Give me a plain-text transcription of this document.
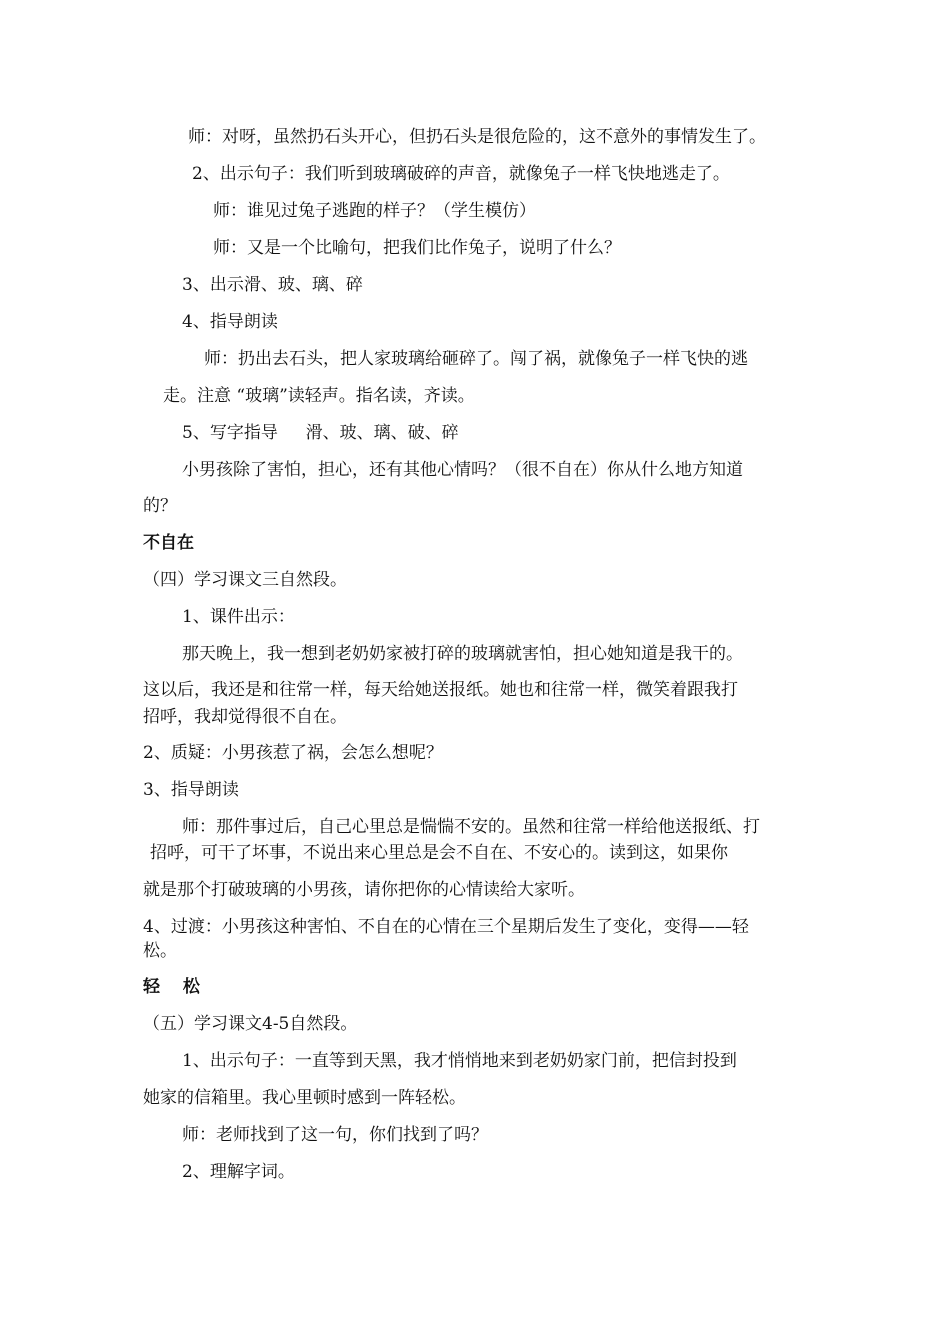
师：对呀，虽然扔石头开心，但扔石头是很危险的，这不意外的事情发生了。
2、出示句子：我们听到玻璃破碎的声音，就像兔子一样飞快地逃走了。
师：谁见过兔子逃跑的样子？（学生模仿）
师：又是一个比喻句，把我们比作兔子，说明了什么？
3、出示滑、玻、璃、碎
4、指导朗读
师：扔出去石头，把人家玻璃给砸碎了。闯了祸，就像兔子一样飞快的逃
走。注意 “玻璃”读轻声。指名读，齐读。
5、写字指导 　 滑、玻、璃、破、碎
小男孩除了害怕，担心，还有其他心情吗？（很不自在）你从什么地方知道
的？
不自在
（四）学习课文三自然段。
1、课件出示：
那天晚上，我一想到老奶奶家被打碎的玻璃就害怕，担心她知道是我干的。
这以后，我还是和往常一样，每天给她送报纸。她也和往常一样，微笑着跟我打
招呼，我却觉得很不自在。
2、质疑：小男孩惹了祸，会怎么想呢？
3、指导朗读
师：那件事过后，自己心里总是惴惴不安的。虽然和往常一样给他送报纸、打
招呼，可干了坏事，不说出来心里总是会不自在、不安心的。读到这，如果你
就是那个打破玻璃的小男孩，请你把你的心情读给大家听。
4、过渡：小男孩这种害怕、不自在的心情在三个星期后发生了变化，变得——轻
松。
轻 　松
（五）学习课文4-5自然段。
1、出示句子：一直等到天黑，我才悄悄地来到老奶奶家门前，把信封投到
她家的信箱里。我心里顿时感到一阵轻松。
师：老师找到了这一句，你们找到了吗？
2、理解字词。
